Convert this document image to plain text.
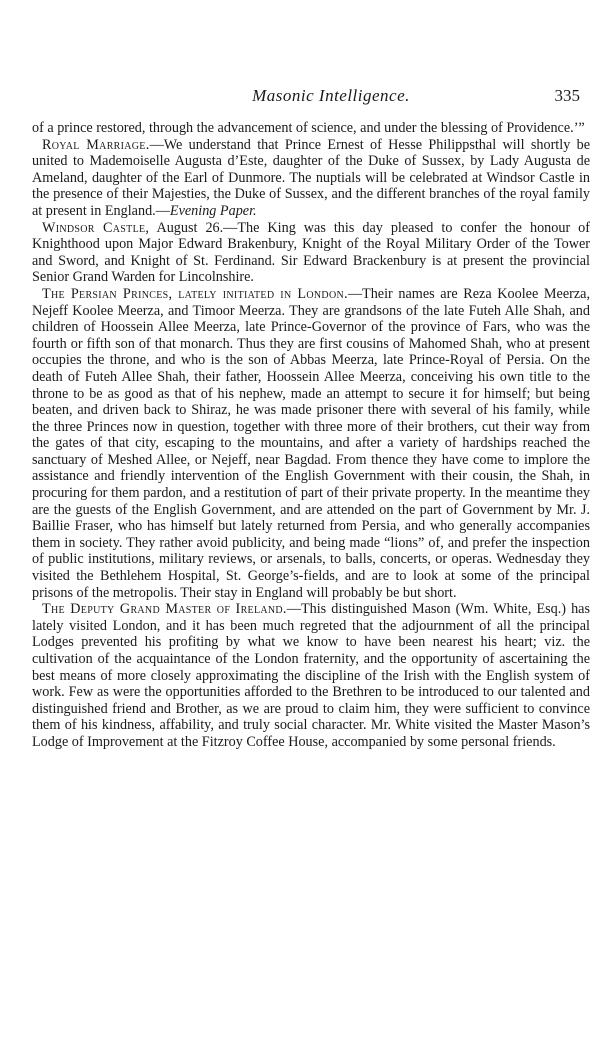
Masonic Intelligence.	335

of a prince restored, through the advancement of science, and under the blessing of Providence.’”

Royal Marriage.—We understand that Prince Ernest of Hesse Philippsthal will shortly be united to Mademoiselle Augusta d’Este, daughter of the Duke of Sussex, by Lady Augusta de Ameland, daughter of the Earl of Dunmore. The nuptials will be celebrated at Windsor Castle in the presence of their Majesties, the Duke of Sussex, and the different branches of the royal family at present in England.—Evening Paper.

Windsor Castle, August 26.—The King was this day pleased to confer the honour of Knighthood upon Major Edward Brakenbury, Knight of the Royal Military Order of the Tower and Sword, and Knight of St. Ferdinand. Sir Edward Brackenbury is at present the provincial Senior Grand Warden for Lincolnshire.

The Persian Princes, lately initiated in London.—Their names are Reza Koolee Meerza, Nejeff Koolee Meerza, and Timoor Meerza. They are grandsons of the late Futeh Alle Shah, and children of Hoossein Allee Meerza, late Prince-Governor of the province of Fars, who was the fourth or fifth son of that monarch. Thus they are first cousins of Mahomed Shah, who at present occupies the throne, and who is the son of Abbas Meerza, late Prince-Royal of Persia. On the death of Futeh Allee Shah, their father, Hoossein Allee Meerza, conceiving his own title to the throne to be as good as that of his nephew, made an attempt to secure it for himself; but being beaten, and driven back to Shiraz, he was made prisoner there with several of his family, while the three Princes now in question, together with three more of their brothers, cut their way from the gates of that city, escaping to the mountains, and after a variety of hardships reached the sanctuary of Meshed Allee, or Nejeff, near Bagdad. From thence they have come to implore the assistance and friendly intervention of the English Government with their cousin, the Shah, in procuring for them pardon, and a restitution of part of their private property. In the meantime they are the guests of the English Government, and are attended on the part of Government by Mr. J. Baillie Fraser, who has himself but lately returned from Persia, and who generally accompanies them in society. They rather avoid publicity, and being made “lions” of, and prefer the inspection of public institutions, military reviews, or arsenals, to balls, concerts, or operas. Wednesday they visited the Bethlehem Hospital, St. George’s-fields, and are to look at some of the principal prisons of the metropolis. Their stay in England will probably be but short.

The Deputy Grand Master of Ireland.—This distinguished Mason (Wm. White, Esq.) has lately visited London, and it has been much regreted that the adjournment of all the principal Lodges prevented his profiting by what we know to have been nearest his heart; viz. the cultivation of the acquaintance of the London fraternity, and the opportunity of ascertaining the best means of more closely approximating the discipline of the Irish with the English system of work. Few as were the opportunities afforded to the Brethren to be introduced to our talented and distinguished friend and Brother, as we are proud to claim him, they were sufficient to convince them of his kindness, affability, and truly social character. Mr. White visited the Master Mason’s Lodge of Improvement at the Fitzroy Coffee House, accompanied by some personal friends.
